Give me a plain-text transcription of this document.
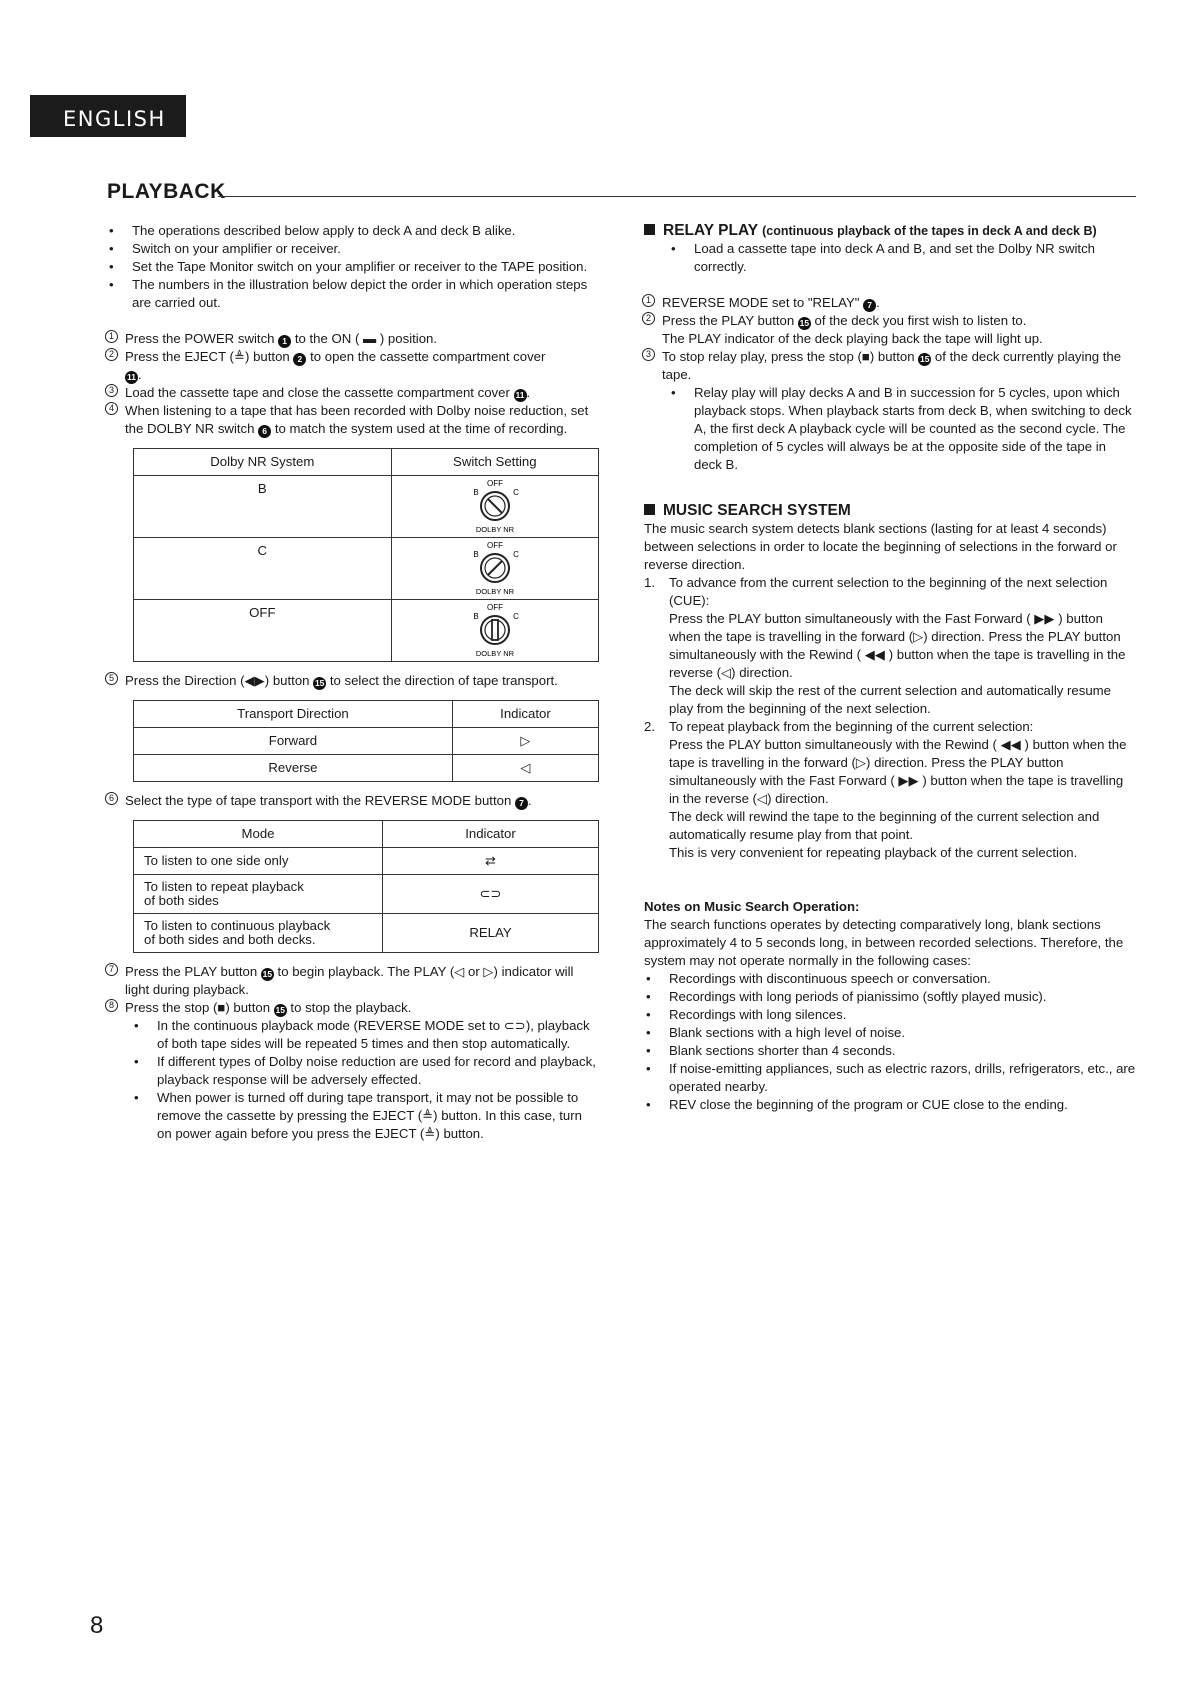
ENGLISH
PLAYBACK

• The operations described below apply to deck A and deck B alike.

• Switch on your amplifier or receiver.

• Set the Tape Monitor switch on your amplifier or receiver to the TAPE position.

• The numbers in the illustration below depict the order in which operation steps are carried out.

1 Press the POWER switch 1 to the ON ( ▬ ) position.

2 Press the EJECT (≜) button 2 to open the cassette compartment cover
11 .

3 Load the cassette tape and close the cassette compartment cover 11 .

4 When listening to a tape that has been recorded with Dolby noise reduction, set the DOLBY NR switch 6 to match the system used at the time of recording.

Dolby NR System	Switch Setting
B	OFF
B C
DOLBY NR

C	OFF
B C
DOLBY NR

OFF	OFF
B C
DOLBY NR

5 Press the Direction (◀▶) button 15 to select the direction of tape transport.

Transport Direction	Indicator
Forward	▷
Reverse	◁

6 Select the type of tape transport with the REVERSE MODE button 7 .

Mode	Indicator
To listen to one side only	⇄
To listen to repeat playback
of both sides	⊂⊃
To listen to continuous playback
of both sides and both decks.	RELAY

7 Press the PLAY button 15 to begin playback. The PLAY (◁ or ▷) indicator will light during playback.

8 Press the stop (■) button 15 to stop the playback.

• In the continuous playback mode (REVERSE MODE set to ⊂⊃), playback of both tape sides will be repeated 5 times and then stop automatically.

• If different types of Dolby noise reduction are used for record and playback, playback response will be adversely effected.

• When power is turned off during tape transport, it may not be possible to remove the cassette by pressing the EJECT (≜) button. In this case, turn on power again before you press the EJECT (≜) button.

RELAY PLAY (continuous playback of the tapes in deck A and deck B)

• Load a cassette tape into deck A and B, and set the Dolby NR switch correctly.

1 REVERSE MODE set to "RELAY" 7 .

2 Press the PLAY button 15 of the deck you first wish to listen to.
The PLAY indicator of the deck playing back the tape will light up.

3 To stop relay play, press the stop (■) button 15 of the deck currently playing the tape.

• Relay play will play decks A and B in succession for 5 cycles, upon which playback stops. When playback starts from deck B, when switching to deck A, the first deck A playback cycle will be counted as the second cycle. The completion of 5 cycles will always be at the opposite side of the tape in deck B.

MUSIC SEARCH SYSTEM

The music search system detects blank sections (lasting for at least 4 seconds) between selections in order to locate the beginning of selections in the forward or reverse direction.

1. To advance from the current selection to the beginning of the next selection (CUE):

Press the PLAY button simultaneously with the Fast Forward ( ▶▶ ) button when the tape is travelling in the forward (▷) direction. Press the PLAY button simultaneously with the Rewind ( ◀◀ ) button when the tape is travelling in the reverse (◁) direction.

The deck will skip the rest of the current selection and automatically resume play from the beginning of the next selection.

2. To repeat playback from the beginning of the current selection:

Press the PLAY button simultaneously with the Rewind ( ◀◀ ) button when the tape is travelling in the forward (▷) direction. Press the PLAY button simultaneously with the Fast Forward ( ▶▶ ) button when the tape is travelling in the reverse (◁) direction.

The deck will rewind the tape to the beginning of the current selection and automatically resume play from that point.

This is very convenient for repeating playback of the current selection.

Notes on Music Search Operation:

The search functions operates by detecting comparatively long, blank sections approximately 4 to 5 seconds long, in between recorded selections. Therefore, the system may not operate normally in the following cases:

• Recordings with discontinuous speech or conversation.

• Recordings with long periods of pianissimo (softly played music).

• Recordings with long silences.

• Blank sections with a high level of noise.

• Blank sections shorter than 4 seconds.

• If noise-emitting appliances, such as electric razors, drills, refrigerators, etc., are operated nearby.

• REV close the beginning of the program or CUE close to the ending.

8
